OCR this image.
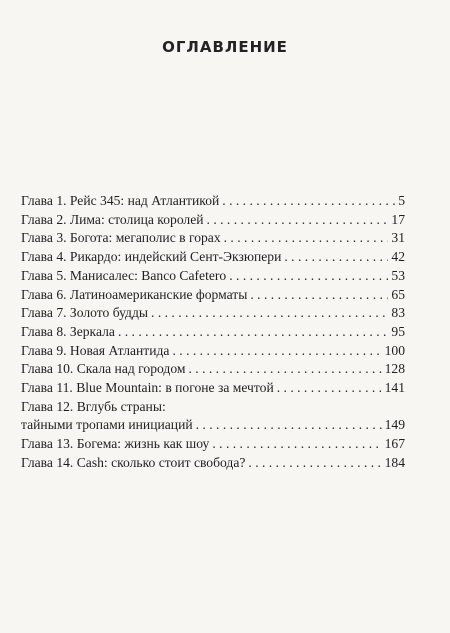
ОГЛАВЛЕНИЕ
Глава 1. Рейс 345: над Атлантикой . . .	5
Глава 2. Лима: столица королей . . .	17
Глава 3. Богота: мегаполис в горах . . .	31
Глава 4. Рикардо: индейский Сент-Экзюпери . . .	42
Глава 5. Манисалес: Banco Cafetero . . .	53
Глава 6. Латиноамериканские форматы . . .	65
Глава 7. Золото будды . . .	83
Глава 8. Зеркала . . .	95
Глава 9. Новая Атлантида . . .	100
Глава 10. Скала над городом . . .	128
Глава 11. Blue Mountain: в погоне за мечтой . . .	141
Глава 12. Вглубь страны:
тайными тропами инициаций . . .	149
Глава 13. Богема: жизнь как шоу . . .	167
Глава 14. Cash: сколько стоит свобода? . . .	184
